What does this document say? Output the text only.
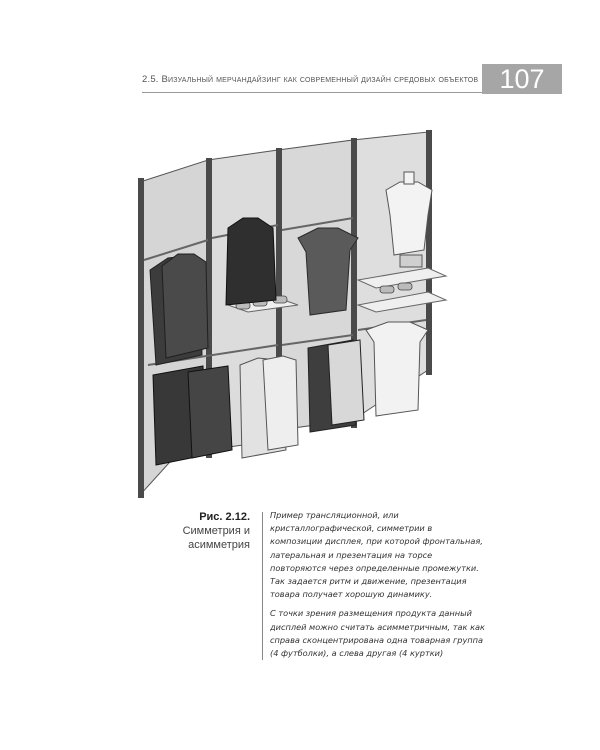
2.5. Визуальный мерчандайзинг как современный дизайн средовых объектов 107
Рис. 2.12. Симметрия и асимметрия

Пример трансляционной, или кристаллографической, симметрии в композиции дисплея, при которой фронтальная, латеральная и презентация на торсе повторяются через определенные промежутки. Так задается ритм и движение, презентация товара получает хорошую динамику.

С точки зрения размещения продукта данный дисплей можно считать асимметричным, так как справа сконцентрирована одна товарная группа (4 футболки), а слева другая (4 куртки)
